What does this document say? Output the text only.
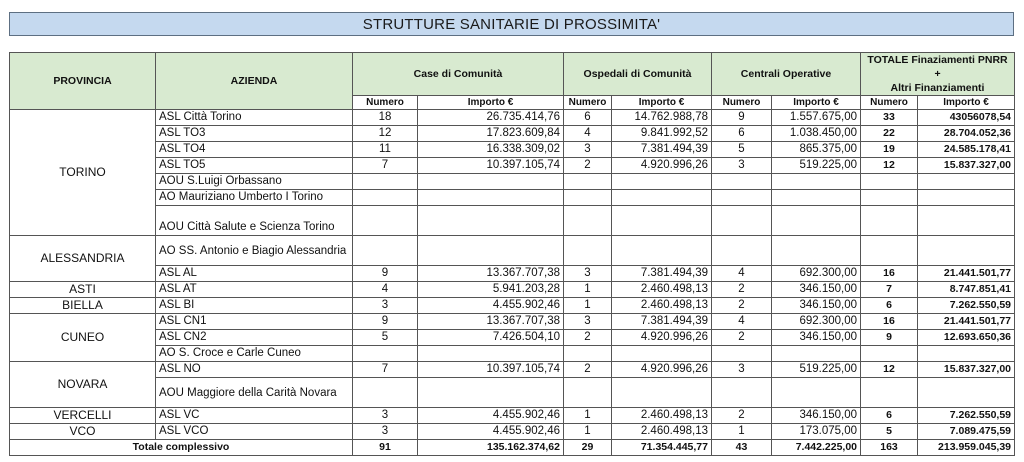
STRUTTURE SANITARIE DI PROSSIMITA'
PROVINCIA	AZIENDA	Case di Comunità		Ospedali di Comunità		Centrali Operative		TOTALE Finaziamenti PNRR +
Altri Finanziamenti	
		Numero	Importo €	Numero	Importo €	Numero	Importo €	Numero	Importo €
TORINO	ASL Città Torino	18	26.735.414,76	6	14.762.988,78	9	1.557.675,00	33	43056078,54
	ASL TO3	12	17.823.609,84	4	9.841.992,52	6	1.038.450,00	22	28.704.052,36
	ASL TO4	11	16.338.309,02	3	7.381.494,39	5	865.375,00	19	24.585.178,41
	ASL TO5	7	10.397.105,74	2	4.920.996,26	3	519.225,00	12	15.837.327,00
	AOU S.Luigi Orbassano								
	AO Mauriziano Umberto I Torino								
	AOU Città Salute e Scienza Torino								
ALESSANDRIA	AO SS. Antonio e Biagio Alessandria								
	ASL AL	9	13.367.707,38	3	7.381.494,39	4	692.300,00	16	21.441.501,77
ASTI	ASL AT	4	5.941.203,28	1	2.460.498,13	2	346.150,00	7	8.747.851,41
BIELLA	ASL BI	3	4.455.902,46	1	2.460.498,13	2	346.150,00	6	7.262.550,59
CUNEO	ASL CN1	9	13.367.707,38	3	7.381.494,39	4	692.300,00	16	21.441.501,77
	ASL CN2	5	7.426.504,10	2	4.920.996,26	2	346.150,00	9	12.693.650,36
	AO S. Croce e Carle Cuneo								
NOVARA	ASL NO	7	10.397.105,74	2	4.920.996,26	3	519.225,00	12	15.837.327,00
	AOU Maggiore della Carità Novara								
VERCELLI	ASL VC	3	4.455.902,46	1	2.460.498,13	2	346.150,00	6	7.262.550,59
VCO	ASL VCO	3	4.455.902,46	1	2.460.498,13	1	173.075,00	5	7.089.475,59
Totale complessivo		91	135.162.374,62	29	71.354.445,77	43	7.442.225,00	163	213.959.045,39
